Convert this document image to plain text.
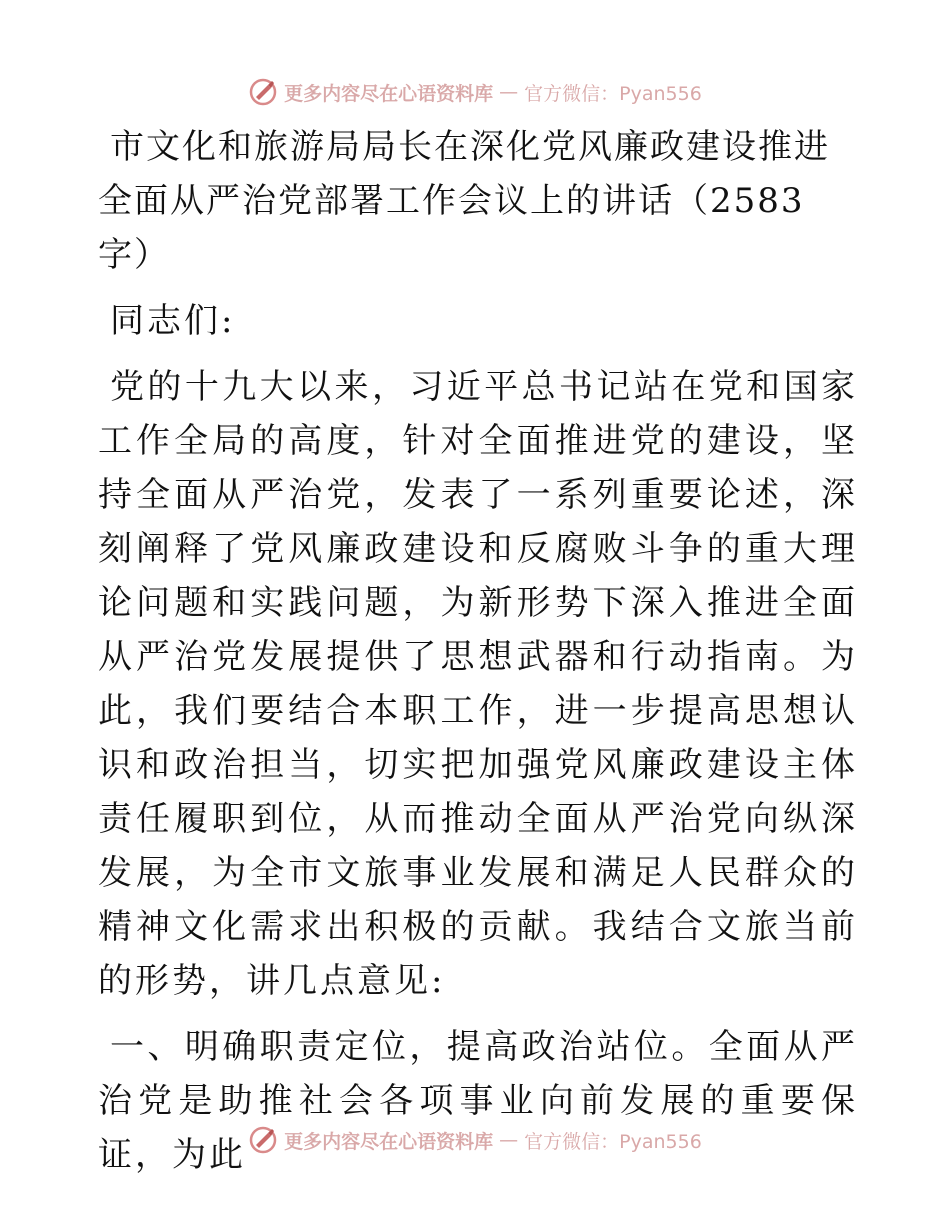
更多内容尽在心语资料库 — 官方微信：Pyan556

市文化和旅游局局长在深化党风廉政建设推进全面从严治党部署工作会议上的讲话（2583 字）

同志们:

党的十九大以来，习近平总书记站在党和国家工作全局的高度，针对全面推进党的建设，坚持全面从严治党，发表了一系列重要论述，深刻阐释了党风廉政建设和反腐败斗争的重大理论问题和实践问题，为新形势下深入推进全面从严治党发展提供了思想武器和行动指南。为此，我们要结合本职工作，进一步提高思想认识和政治担当，切实把加强党风廉政建设主体责任履职到位，从而推动全面从严治党向纵深发展，为全市文旅事业发展和满足人民群众的精神文化需求出积极的贡献。我结合文旅当前的形势，讲几点意见:

一、明确职责定位，提高政治站位。全面从严治党是助推社会各项事业向前发展的重要保证，为此	更多内容尽在心语资料库 — 官方微信：Pyan556
